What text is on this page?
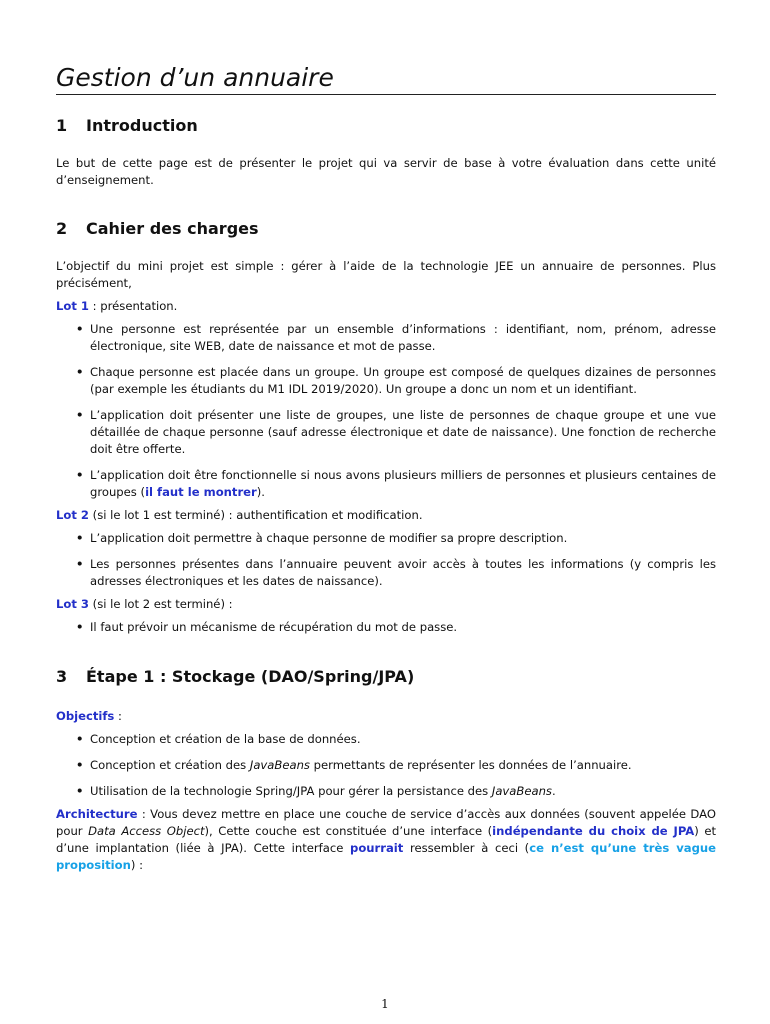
Gestion d’un annuaire
1 Introduction

Le but de cette page est de présenter le projet qui va servir de base à votre évaluation dans cette unité d’enseignement.

2 Cahier des charges

L’objectif du mini projet est simple : gérer à l’aide de la technologie JEE un annuaire de personnes. Plus précisément,

Lot 1 : présentation.

• Une personne est représentée par un ensemble d’informations : identifiant, nom, prénom, adresse électronique, site WEB, date de naissance et mot de passe.
• Chaque personne est placée dans un groupe. Un groupe est composé de quelques dizaines de personnes (par exemple les étudiants du M1 IDL 2019/2020). Un groupe a donc un nom et un identifiant.
• L’application doit présenter une liste de groupes, une liste de personnes de chaque groupe et une vue détaillée de chaque personne (sauf adresse électronique et date de naissance). Une fonction de recherche doit être offerte.
• L’application doit être fonctionnelle si nous avons plusieurs milliers de personnes et plusieurs centaines de groupes (il faut le montrer).

Lot 2 (si le lot 1 est terminé) : authentification et modification.

• L’application doit permettre à chaque personne de modifier sa propre description.
• Les personnes présentes dans l’annuaire peuvent avoir accès à toutes les informations (y compris les adresses électroniques et les dates de naissance).

Lot 3 (si le lot 2 est terminé) :

• Il faut prévoir un mécanisme de récupération du mot de passe.
3 Étape 1 : Stockage (DAO/Spring/JPA)

Objectifs :

• Conception et création de la base de données.
• Conception et création des JavaBeans permettants de représenter les données de l’annuaire.
• Utilisation de la technologie Spring/JPA pour gérer la persistance des JavaBeans.

Architecture : Vous devez mettre en place une couche de service d’accès aux données (souvent appelée DAO pour Data Access Object), Cette couche est constituée d’une interface (indépendante du choix de JPA) et d’une implantation (liée à JPA). Cette interface pourrait ressembler à ceci (ce n’est qu’une très vague proposition) :

1
